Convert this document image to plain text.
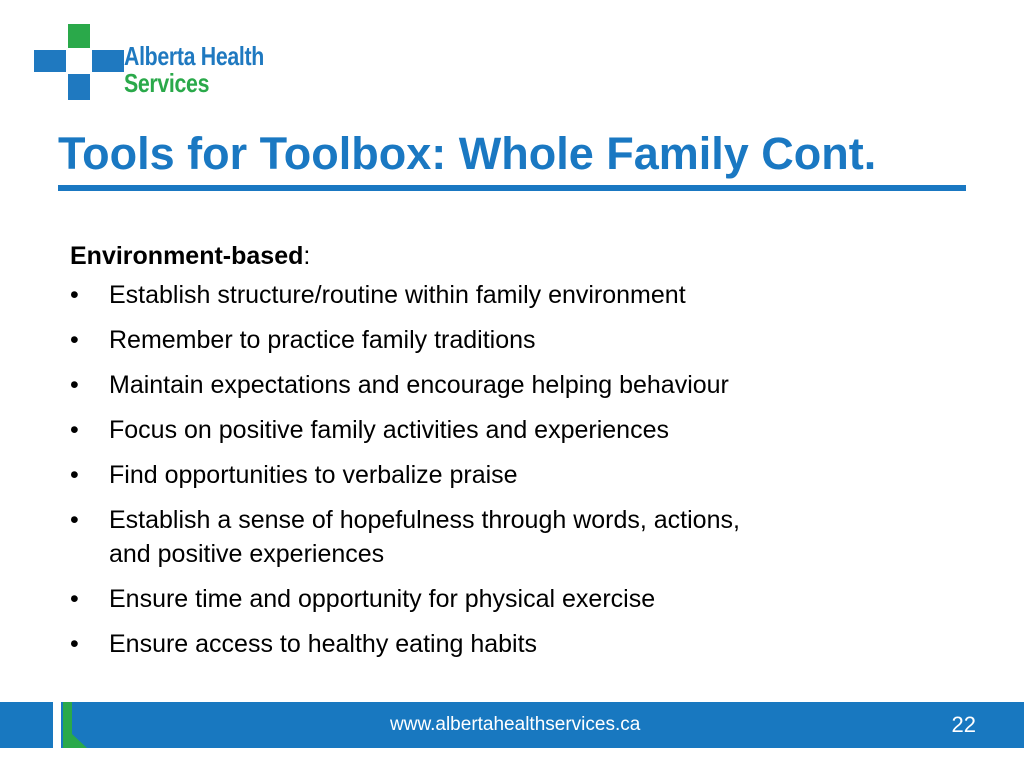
Alberta Health
Services
Tools for Toolbox: Whole Family Cont.
Environment-based:
• Establish structure/routine within family environment
• Remember to practice family traditions
• Maintain expectations and encourage helping behaviour
• Focus on positive family activities and experiences
• Find opportunities to verbalize praise
• Establish a sense of hopefulness through words, actions,
and positive experiences
• Ensure time and opportunity for physical exercise
• Ensure access to healthy eating habits
www.albertahealthservices.ca	22
